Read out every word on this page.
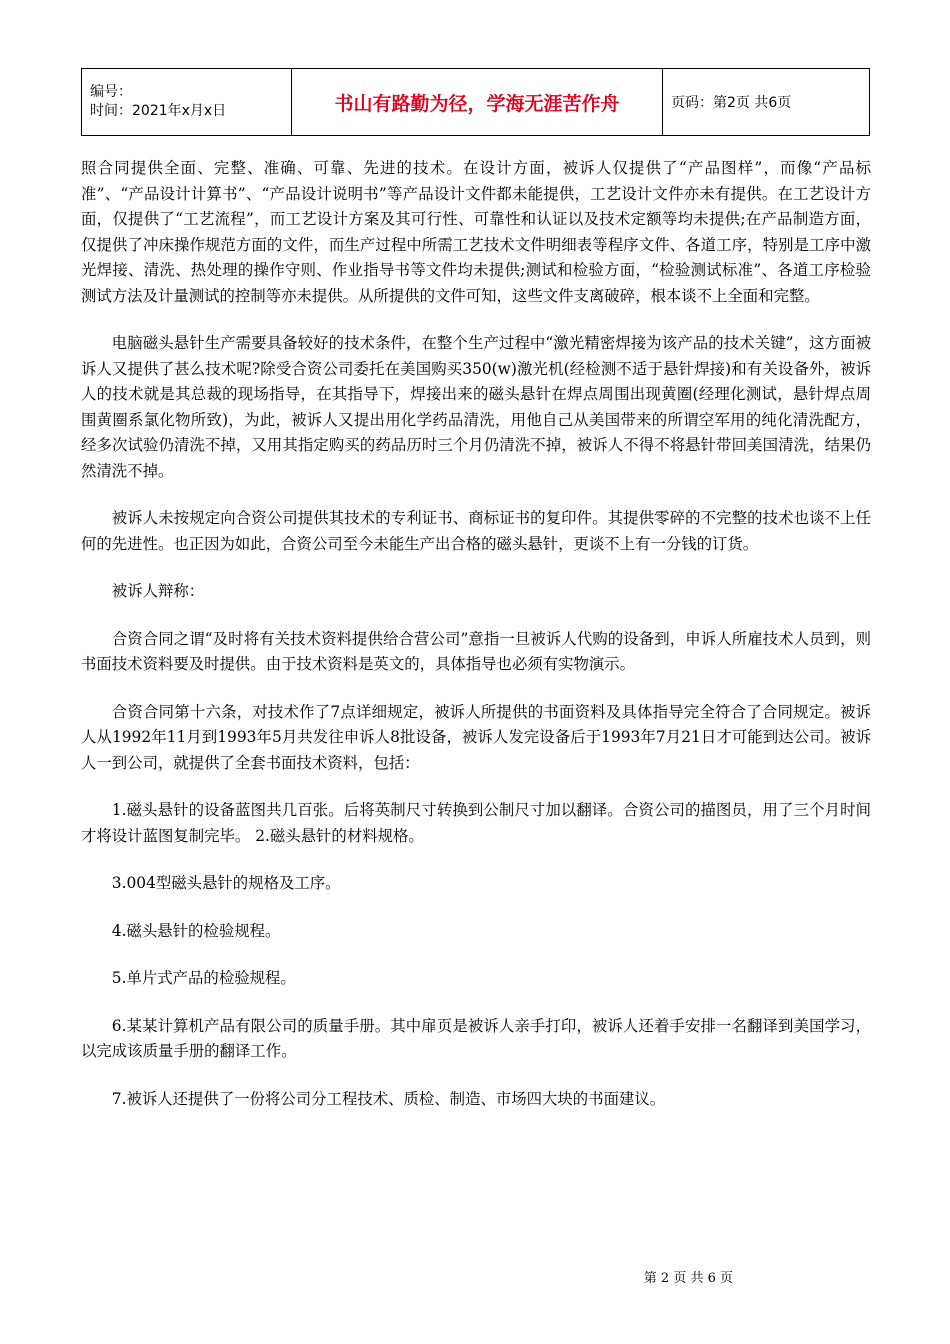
编号：
时间：2021年x月x日	书山有路勤为径，学海无涯苦作舟	页码：第2页 共6页

照合同提供全面、完整、准确、可靠、先进的技术。在设计方面，被诉人仅提供了“产品图样”，而像“产品标准”、“产品设计计算书”、“产品设计说明书”等产品设计文件都未能提供，工艺设计文件亦未有提供。在工艺设计方面，仅提供了“工艺流程”，而工艺设计方案及其可行性、可靠性和认证以及技术定额等均未提供;在产品制造方面，仅提供了冲床操作规范方面的文件，而生产过程中所需工艺技术文件明细表等程序文件、各道工序，特别是工序中激光焊接、清洗、热处理的操作守则、作业指导书等文件均未提供;测试和检验方面，“检验测试标准”、各道工序检验测试方法及计量测试的控制等亦未提供。从所提供的文件可知，这些文件支离破碎，根本谈不上全面和完整。

电脑磁头悬针生产需要具备较好的技术条件，在整个生产过程中“激光精密焊接为该产品的技术关键”，这方面被诉人又提供了甚么技术呢?除受合资公司委托在美国购买350(w)激光机(经检测不适于悬针焊接)和有关设备外，被诉人的技术就是其总裁的现场指导，在其指导下，焊接出来的磁头悬针在焊点周围出现黄圈(经理化测试，悬针焊点周围黄圈系氯化物所致)，为此，被诉人又提出用化学药品清洗，用他自己从美国带来的所谓空军用的纯化清洗配方，经多次试验仍清洗不掉，又用其指定购买的药品历时三个月仍清洗不掉，被诉人不得不将悬针带回美国清洗，结果仍然清洗不掉。

被诉人未按规定向合资公司提供其技术的专利证书、商标证书的复印件。其提供零碎的不完整的技术也谈不上任何的先进性。也正因为如此，合资公司至今未能生产出合格的磁头悬针，更谈不上有一分钱的订货。

被诉人辩称：

合资合同之谓“及时将有关技术资料提供给合营公司”意指一旦被诉人代购的设备到，申诉人所雇技术人员到，则书面技术资料要及时提供。由于技术资料是英文的，具体指导也必须有实物演示。

合资合同第十六条，对技术作了7点详细规定，被诉人所提供的书面资料及具体指导完全符合了合同规定。被诉人从1992年11月到1993年5月共发往申诉人8批设备，被诉人发完设备后于1993年7月21日才可能到达公司。被诉人一到公司，就提供了全套书面技术资料，包括：

1.磁头悬针的设备蓝图共几百张。后将英制尺寸转换到公制尺寸加以翻译。合资公司的描图员，用了三个月时间才将设计蓝图复制完毕。 2.磁头悬针的材料规格。

3.004型磁头悬针的规格及工序。

4.磁头悬针的检验规程。

5.单片式产品的检验规程。

6.某某计算机产品有限公司的质量手册。其中扉页是被诉人亲手打印，被诉人还着手安排一名翻译到美国学习，以完成该质量手册的翻译工作。

7.被诉人还提供了一份将公司分工程技术、质检、制造、市场四大块的书面建议。

第 2 页 共 6 页
